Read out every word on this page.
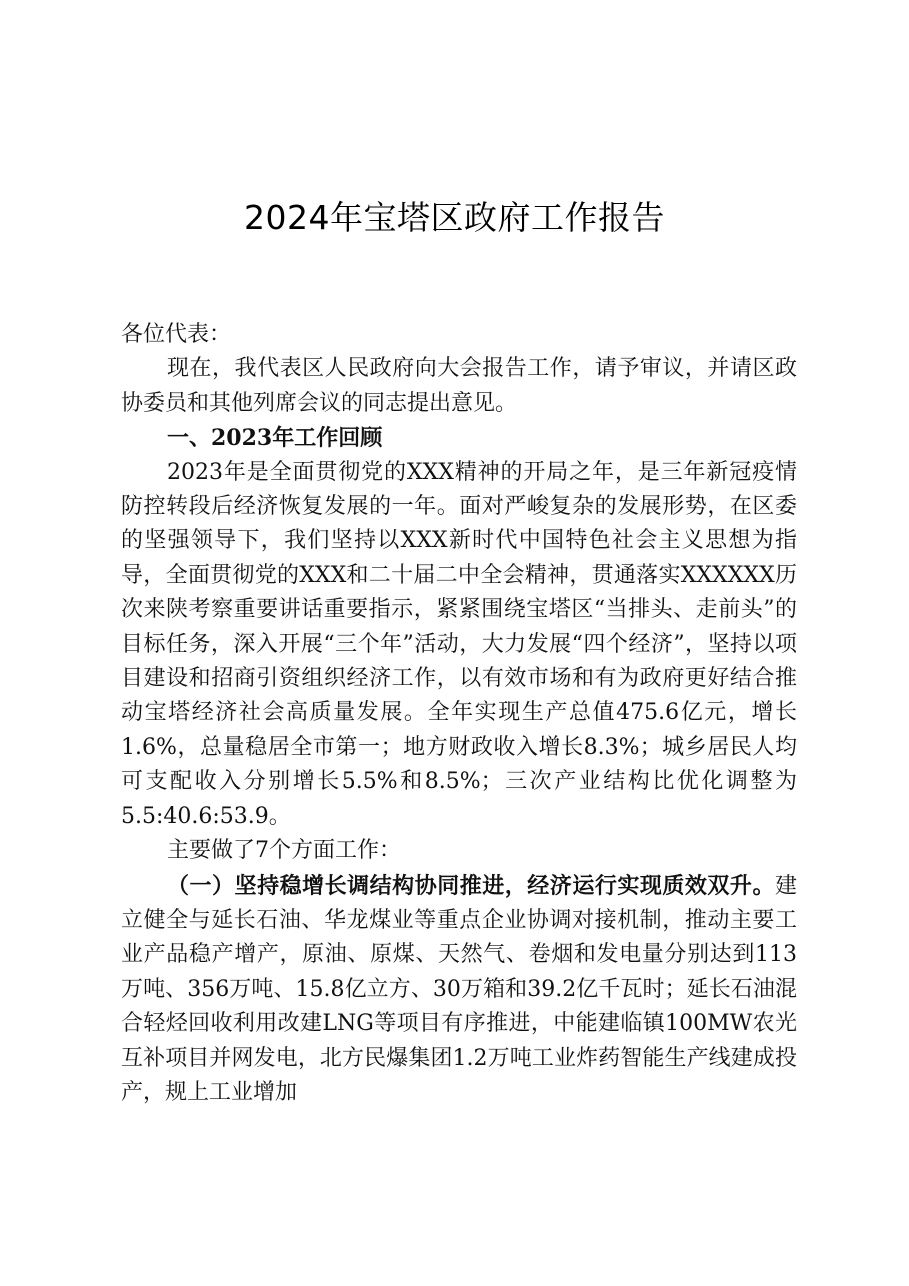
2024年宝塔区政府工作报告

各位代表：

现在，我代表区人民政府向大会报告工作，请予审议，并请区政协委员和其他列席会议的同志提出意见。

一、2023年工作回顾

2023年是全面贯彻党的XXX精神的开局之年，是三年新冠疫情防控转段后经济恢复发展的一年。面对严峻复杂的发展形势，在区委的坚强领导下，我们坚持以XXX新时代中国特色社会主义思想为指导，全面贯彻党的XXX和二十届二中全会精神，贯通落实XXXXXX历次来陕考察重要讲话重要指示，紧紧围绕宝塔区“当排头、走前头”的目标任务，深入开展“三个年”活动，大力发展“四个经济”，坚持以项目建设和招商引资组织经济工作，以有效市场和有为政府更好结合推动宝塔经济社会高质量发展。全年实现生产总值475.6亿元，增长1.6%，总量稳居全市第一；地方财政收入增长8.3%；城乡居民人均可支配收入分别增长5.5%和8.5%；三次产业结构比优化调整为5.5:40.6:53.9。

主要做了7个方面工作：

（一）坚持稳增长调结构协同推进，经济运行实现质效双升。建立健全与延长石油、华龙煤业等重点企业协调对接机制，推动主要工业产品稳产增产，原油、原煤、天然气、卷烟和发电量分别达到113万吨、356万吨、15.8亿立方、30万箱和39.2亿千瓦时；延长石油混合轻烃回收利用改建LNG等项目有序推进，中能建临镇100MW农光互补项目并网发电，北方民爆集团1.2万吨工业炸药智能生产线建成投产，规上工业增加
